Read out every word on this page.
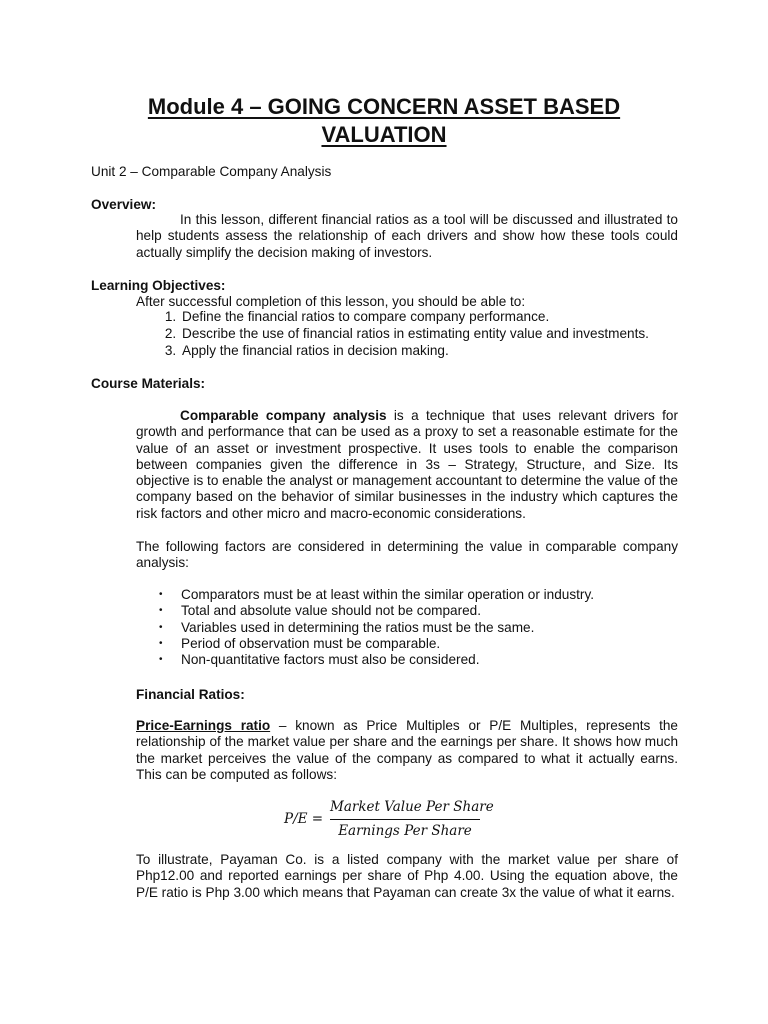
Module 4 – GOING CONCERN ASSET BASED
VALUATION
Unit 2 – Comparable Company Analysis
Overview:

In this lesson, different financial ratios as a tool will be discussed and illustrated to help students assess the relationship of each drivers and show how these tools could actually simplify the decision making of investors.

Learning Objectives:
After successful completion of this lesson, you should be able to:
1. Define the financial ratios to compare company performance.
2. Describe the use of financial ratios in estimating entity value and investments.
3. Apply the financial ratios in decision making.
Course Materials:

Comparable company analysis is a technique that uses relevant drivers for growth and performance that can be used as a proxy to set a reasonable estimate for the value of an asset or investment prospective. It uses tools to enable the comparison between companies given the difference in 3s – Strategy, Structure, and Size. Its objective is to enable the analyst or management accountant to determine the value of the company based on the behavior of similar businesses in the industry which captures the risk factors and other micro and macro-economic considerations.

The following factors are considered in determining the value in comparable company analysis:

• Comparators must be at least within the similar operation or industry.
• Total and absolute value should not be compared.
• Variables used in determining the ratios must be the same.
• Period of observation must be comparable.
• Non-quantitative factors must also be considered.
Financial Ratios:

Price-Earnings ratio – known as Price Multiples or P/E Multiples, represents the relationship of the market value per share and the earnings per share. It shows how much the market perceives the value of the company as compared to what it actually earns. This can be computed as follows:

P/E =
Market Value Per Share
Earnings Per Share

To illustrate, Payaman Co. is a listed company with the market value per share of Php12.00 and reported earnings per share of Php 4.00. Using the equation above, the P/E ratio is Php 3.00 which means that Payaman can create 3x the value of what it earns.
